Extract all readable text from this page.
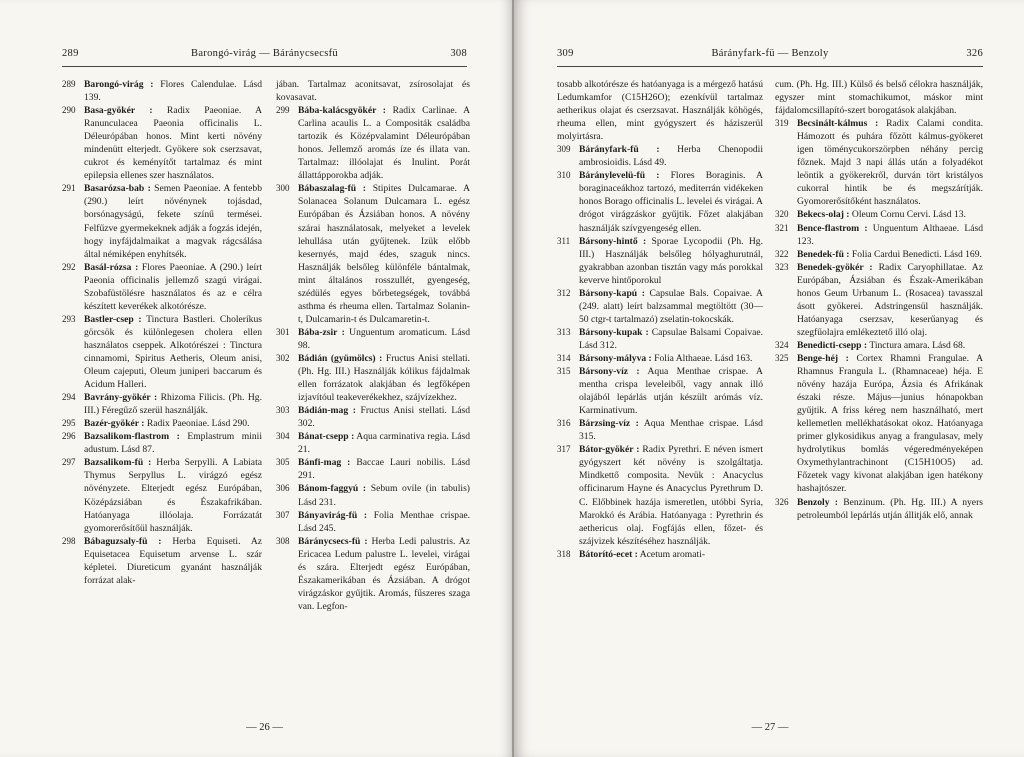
289	Barongó-virág — Báránycsecsfü	308
289 Barongó-virág : Flores Calendulae. Lásd 139.
290 Basa-gyökér : Radix Paeoniae. A Ranunculacea Paeonia officinalis L. Déleurópában honos. Mint kerti növény mindenütt elterjedt. Gyökere sok cserzsavat, cukrot és keményítőt tartalmaz és mint epilepsia ellenes szer használatos.
291 Basarózsa-bab : Semen Paeoniae. A fentebb (290.) leírt növénynek tojásdad, borsónagyságú, fekete színű termései. Felfűzve gyermekeknek adják a fogzás idején, hogy inyfájdalmaikat a magvak rágcsálása által némiképen enyhítsék.
292 Basál-rózsa : Flores Paeoniae. A (290.) leírt Paeonia officinalis jellemző szagú virágai. Szobafüstölésre használatos és az e célra készített keverékek alkotórésze.
293 Bastler-csep : Tinctura Bastleri. Choleríkus görcsök és különlegesen cholera ellen használatos cseppek. Alkotórészei : Tinctura cinnamomi, Spiritus Aetheris, Oleum anisi, Oleum cajeputi, Oleum juniperi baccarum és Acidum Halleri.
294 Bavrány-gyökér : Rhizoma Filicis. (Ph. Hg. III.) Féregűző szerül használják.
295 Bazér-gyökér : Radix Paeoniae. Lásd 290.
296 Bazsalikom-flastrom : Emplastrum minii adustum. Lásd 87.
297 Bazsalikom-fü : Herba Serpylli. A Labiata Thymus Serpyllus L. virágzó egész növényzete. Elterjedt egész Európában, Középázsiában és Északafrikában. Hatóanyaga illóolaja. Forrázatát gyomorerősítőül használják.
298 Bábaguzsaly-fü : Herba Equiseti. Az Equisetacea Equisetum arvense L. szár képletei. Diureticum gyanánt használják forrázat alak-
jában. Tartalmaz aconitsavat, zsírosolajat és kovasavat.
299 Bába-kalácsgyökér : Radix Carlinae. A Carlina acaulis L. a Compositák családba tartozik és Középvalamint Déleurópában honos. Jellemző aromás íze és illata van. Tartalmaz: illóolajat és Inulint. Porát állattápporokba adják.
300 Bábaszalag-fü : Stipites Dulcamarae. A Solanacea Solanum Dulcamara L. egész Európában és Ázsiában honos. A növény szárai használatosak, melyeket a levelek lehullása után gyűjtenek. Izük előbb kesernyés, majd édes, szaguk nincs. Használják belsőleg különféle bántalmak, mint általános rosszullét, gyengeség, szédülés egyes bőrbetegségek, továbbá asthma és rheuma ellen. Tartalmaz Solanin-t, Dulcamarin-t és Dulcamaretin-t.
301 Bába-zsir : Unguentum aromaticum. Lásd 98.
302 Bádián (gyümölcs) : Fructus Anisi stellati. (Ph. Hg. III.) Használják kólikus fájdalmak ellen forrázatok alakjában és legfőképen izjavítóul teakeverékekhez, szájvízekhez.
303 Bádián-mag : Fructus Anisi stellati. Lásd 302.
304 Bánat-csepp : Aqua carminativa regia. Lásd 21.
305 Bánfi-mag : Baccae Lauri nobilis. Lásd 291.
306 Bánom-faggyú : Sebum ovile (in tabulis) Lásd 231.
307 Bányavirág-fü : Folia Menthae crispae. Lásd 245.
308 Báránycsecs-fü : Herba Ledi palustris. Az Ericacea Ledum palustre L. levelei, virágai és szára. Elterjedt egész Európában, Északamerikában és Ázsiában. A drógot virágzáskor gyűjtik. Aromás, fűszeres szaga van. Legfon-
— 26 —
309	Bárányfark-fü — Benzoly	326
tosabb alkotórésze és hatóanyaga is a mérgező hatású Ledumkamfor (C15H26O); ezenkívül tartalmaz aetherikus olajat és cserzsavat. Használják köhögés, rheuma ellen, mint gyógyszert és háziszerül molyirtásra.
309 Bárányfark-fü : Herba Chenopodii ambrosioidis. Lásd 49.
310 Báránylevelü-fü : Flores Boraginis. A boraginaceákhoz tartozó, mediterrán vidékeken honos Borago officinalis L. levelei és virágai. A drógot virágzáskor gyűjtik. Főzet alakjában használják szívgyengeség ellen.
311 Bársony-hintő : Sporae Lycopodii (Ph. Hg. III.) Használják belsőleg hólyaghurutnál, gyakrabban azonban tisztán vagy más porokkal keverve hintőporokul
312 Bársony-kapú : Capsulae Bals. Copaivae. A (249. alatt) leírt balzsammal megtöltött (30—50 ctgr-t tartalmazó) zselatin-tokocskák.
313 Bársony-kupak : Capsulae Balsami Copaivae. Lásd 312.
314 Bársony-mályva : Folia Althaeae. Lásd 163.
315 Bársony-víz : Aqua Menthae crispae. A mentha crispa leveleiből, vagy annak illó olajából lepárlás utján készült arómás víz. Karminativum.
316 Bárzsing-víz : Aqua Menthae crispae. Lásd 315.
317 Bátor-gyökér : Radix Pyrethri. E néven ismert gyógyszert két növény is szolgáltatja. Mindkettő composita. Nevük : Anacyclus officinarum Hayne és Anacyclus Pyrethrum D. C. Előbbinek hazája ismeretlen, utóbbi Syria, Marokkó és Arábia. Hatóanyaga : Pyrethrin és aethericus olaj. Fogfájás ellen, főzet- és szájvizek készítéséhez használják.
318 Bátorító-ecet : Acetum aromati-
cum. (Ph. Hg. III.) Külső és belső célokra használják, egyszer mint stomachikumot, máskor mint fájdalomcsillapító-szert borogatások alakjában.
319 Becsinált-kálmus : Radix Calami condita. Hámozott és puhára főzött kálmus-gyökeret igen töménycukorszörpben néhány percig főznek. Majd 3 napi állás után a folyadékot leöntik a gyökerekről, durván tört kristályos cukorral hintik be és megszárítják. Gyomorerősítőként használatos.
320 Bekecs-olaj : Oleum Cornu Cervi. Lásd 13.
321 Bence-flastrom : Unguentum Althaeae. Lásd 123.
322 Benedek-fü : Folia Cardui Benedicti. Lásd 169.
323 Benedek-gyökér : Radix Caryophillatae. Az Európában, Ázsiában és Észak-Amerikában honos Geum Urbanum L. (Rosacea) tavasszal ásott gyökerei. Adstringensül használják. Hatóanyaga cserzsav, keserűanyag és szegfűolajra emlékeztető illó olaj.
324 Benedicti-csepp : Tinctura amara. Lásd 68.
325 Benge-héj : Cortex Rhamni Frangulae. A Rhamnus Frangula L. (Rhamnaceae) héja. E növény hazája Európa, Ázsia és Afrikának északi része. Május—junius hónapokban gyűjtik. A friss kéreg nem használható, mert kellemetlen mellékhatásokat okoz. Hatóanyaga primer glykosidikus anyag a frangulasav, mely hydrolytikus bomlás végeredményeképen Oxymethylantrachinont (C15H10O5) ad. Főzetek vagy kivonat alakjában igen hatékony hashajtószer.
326 Benzoly : Benzinum. (Ph. Hg. III.) A nyers petroleumból lepárlás utján állitják elő, annak
— 27 —
